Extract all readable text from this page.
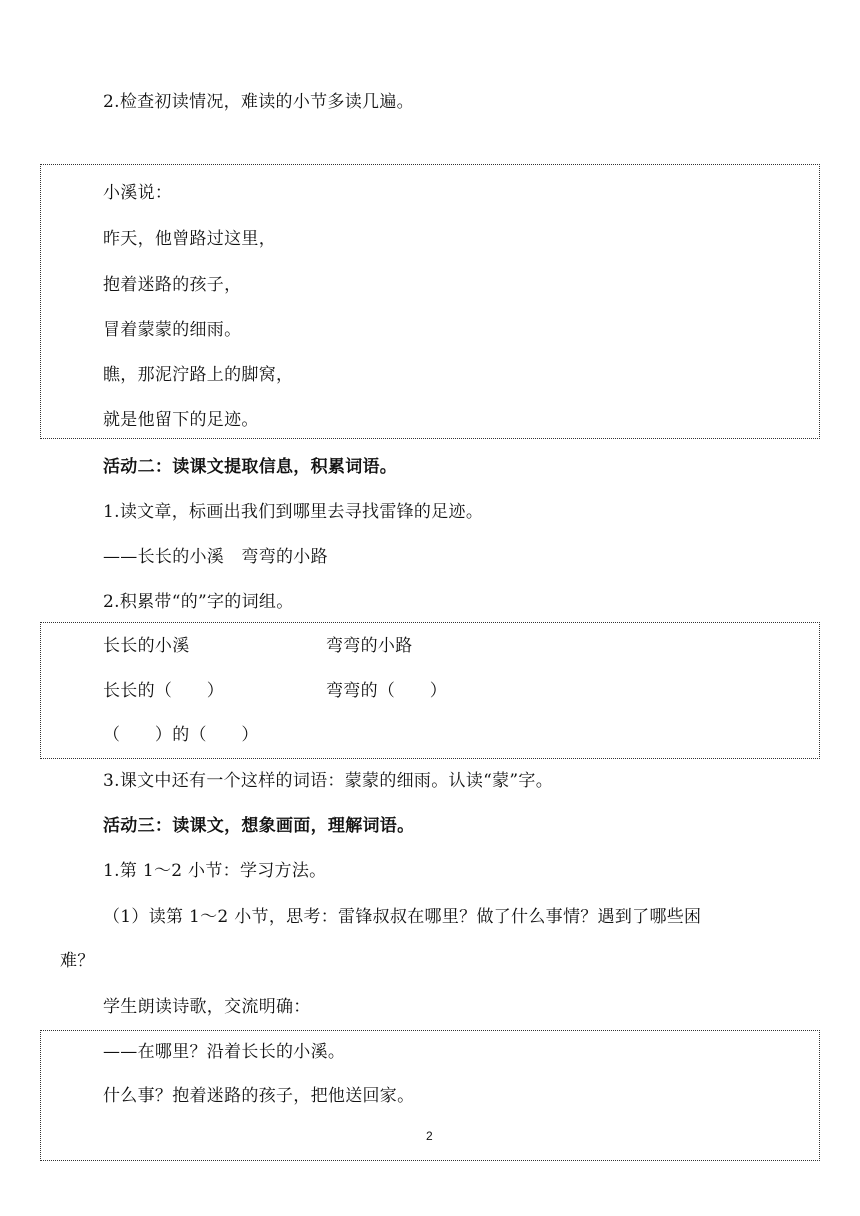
2.检查初读情况，难读的小节多读几遍。
小溪说：
昨天，他曾路过这里，
抱着迷路的孩子，
冒着蒙蒙的细雨。
瞧，那泥泞路上的脚窝，
就是他留下的足迹。
活动二：读课文提取信息，积累词语。
1.读文章，标画出我们到哪里去寻找雷锋的足迹。
——长长的小溪　弯弯的小路
2.积累带“的”字的词组。
长长的小溪	弯弯的小路
长长的（　　）	弯弯的（　　）
（　　）的（　　）
3.课文中还有一个这样的词语：蒙蒙的细雨。认读“蒙”字。
活动三：读课文，想象画面，理解词语。
1.第 1～2 小节：学习方法。
（1）读第 1～2 小节，思考：雷锋叔叔在哪里？做了什么事情？遇到了哪些困
难？
学生朗读诗歌，交流明确：
——在哪里？沿着长长的小溪。
什么事？抱着迷路的孩子，把他送回家。
2
